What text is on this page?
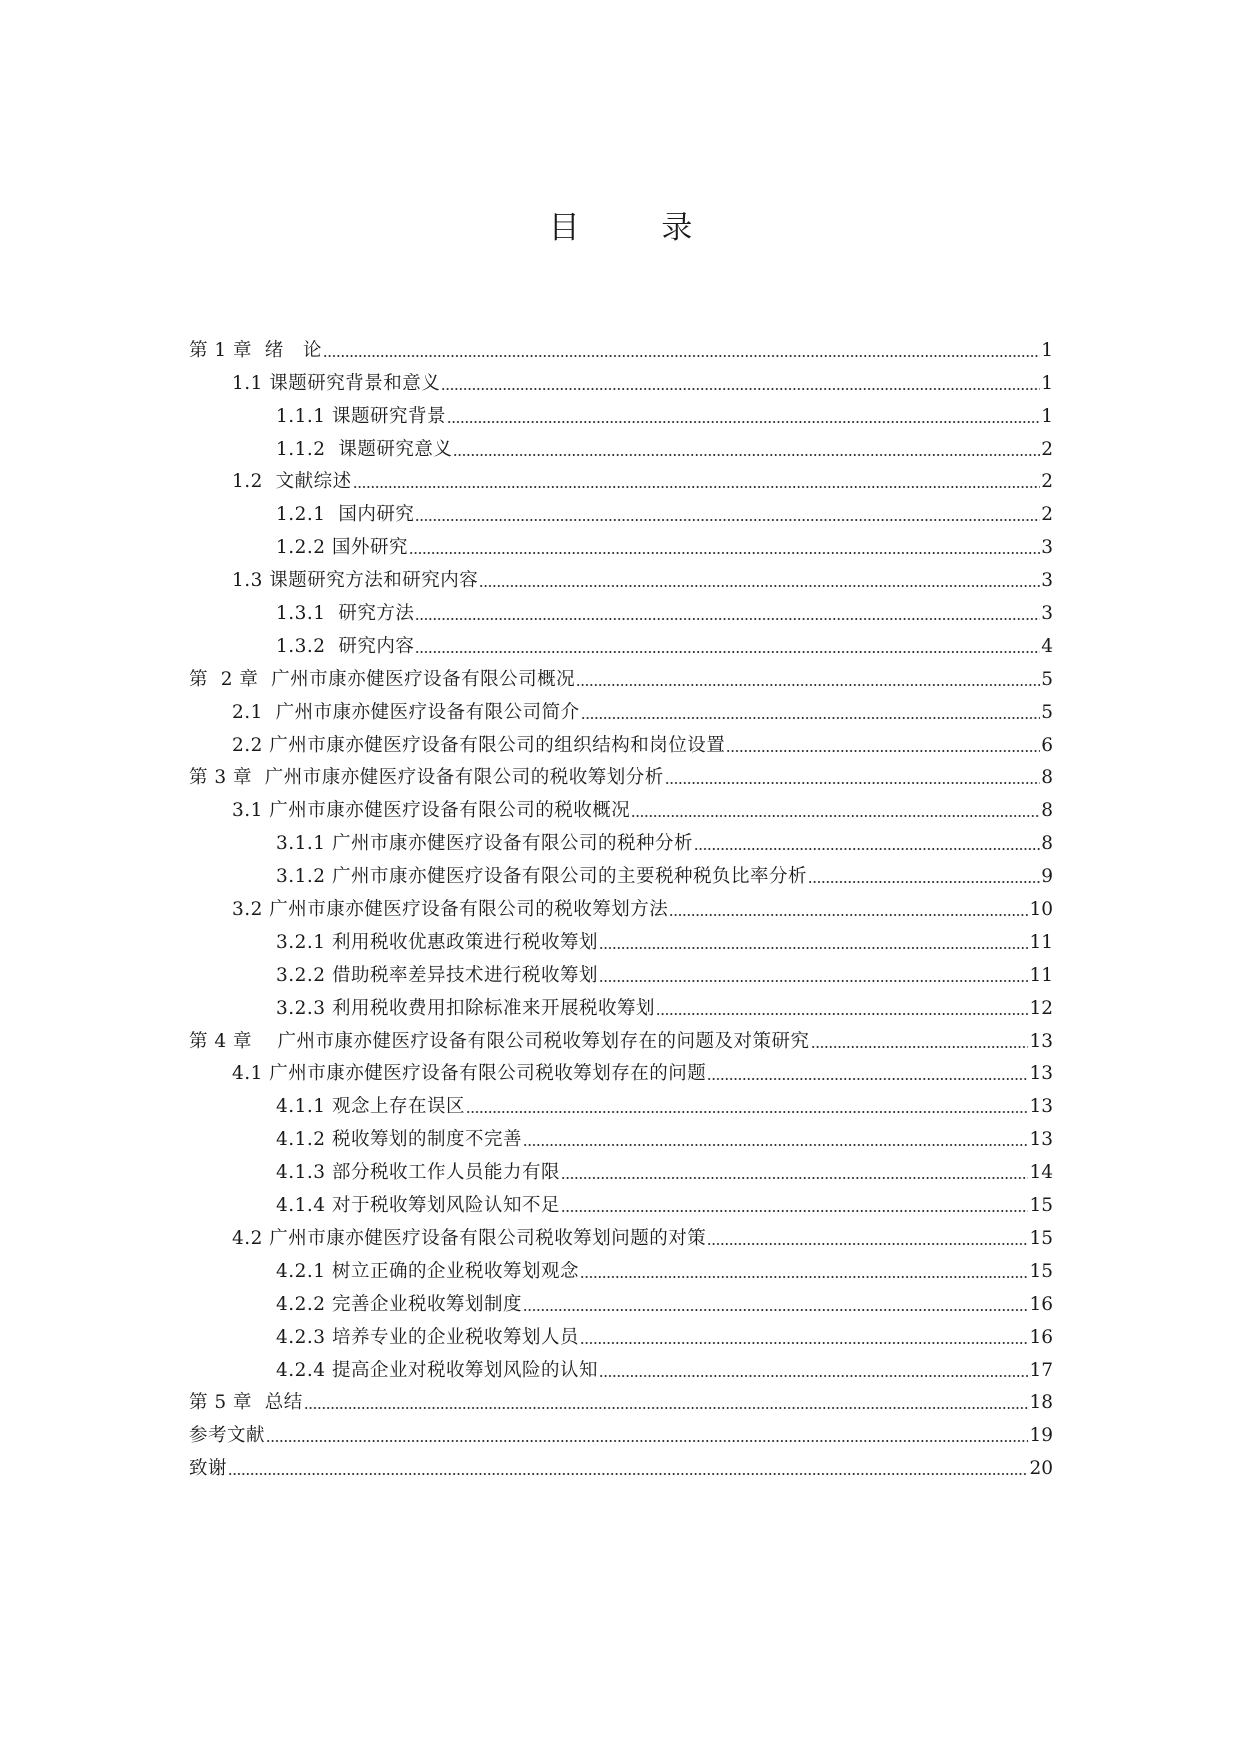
目 录
第 1 章  绪   论	1
1.1 课题研究背景和意义	1
1.1.1 课题研究背景	1
1.1.2  课题研究意义	2
1.2  文献综述	2
1.2.1  国内研究	2
1.2.2 国外研究	3
1.3 课题研究方法和研究内容	3
1.3.1  研究方法	3
1.3.2  研究内容	4
第  2 章  广州市康亦健医疗设备有限公司概况	5
2.1  广州市康亦健医疗设备有限公司简介	5
2.2 广州市康亦健医疗设备有限公司的组织结构和岗位设置	6
第 3 章  广州市康亦健医疗设备有限公司的税收筹划分析	8
3.1 广州市康亦健医疗设备有限公司的税收概况	8
3.1.1 广州市康亦健医疗设备有限公司的税种分析	8
3.1.2 广州市康亦健医疗设备有限公司的主要税种税负比率分析	9
3.2 广州市康亦健医疗设备有限公司的税收筹划方法	10
3.2.1 利用税收优惠政策进行税收筹划	11
3.2.2 借助税率差异技术进行税收筹划	11
3.2.3 利用税收费用扣除标准来开展税收筹划	12
第 4 章    广州市康亦健医疗设备有限公司税收筹划存在的问题及对策研究	13
4.1 广州市康亦健医疗设备有限公司税收筹划存在的问题	13
4.1.1 观念上存在误区	13
4.1.2 税收筹划的制度不完善	13
4.1.3 部分税收工作人员能力有限	14
4.1.4 对于税收筹划风险认知不足	15
4.2 广州市康亦健医疗设备有限公司税收筹划问题的对策	15
4.2.1 树立正确的企业税收筹划观念	15
4.2.2 完善企业税收筹划制度	16
4.2.3 培养专业的企业税收筹划人员	16
4.2.4 提高企业对税收筹划风险的认知	17
第 5 章  总结	18
参考文献	19
致谢	20
